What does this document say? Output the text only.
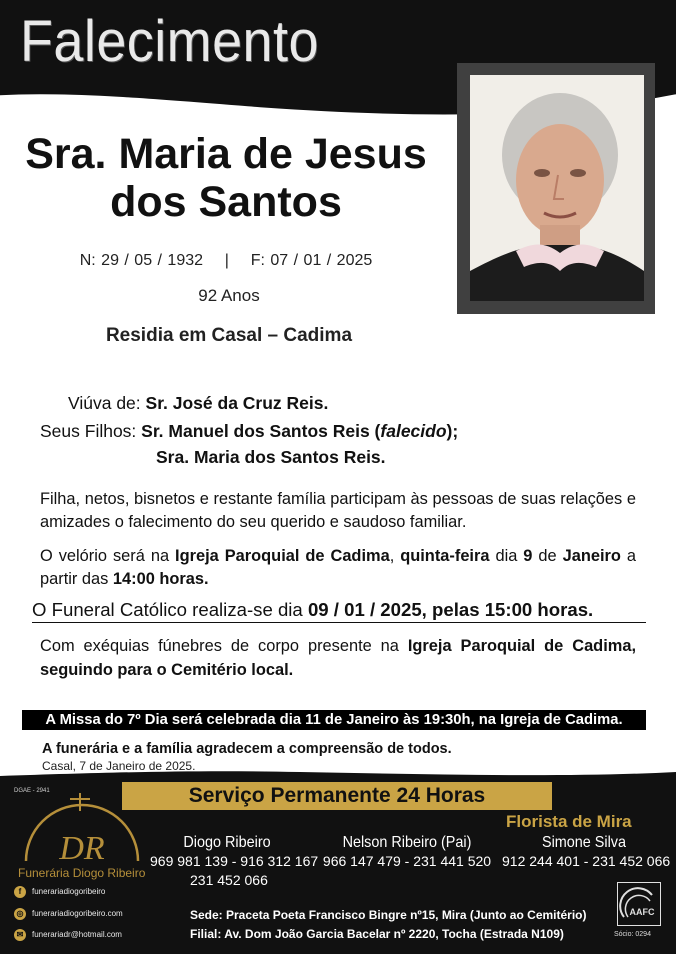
Falecimento
Sra. Maria de Jesus
dos Santos
N: 29 / 05 / 1932    |    F: 07 / 01 / 2025
92 Anos
Residia em Casal – Cadima
Viúva de: Sr. José da Cruz Reis.
Seus Filhos: Sr. Manuel dos Santos Reis (falecido);
Sra. Maria dos Santos Reis.
Filha, netos, bisnetos e restante família participam às pessoas de suas relações e amizades o falecimento do seu querido e saudoso familiar.
O velório será na Igreja Paroquial de Cadima, quinta-feira dia 9 de Janeiro a partir das 14:00 horas.
O Funeral Católico realiza-se dia 09 / 01 / 2025, pelas 15:00 horas.
Com exéquias fúnebres de corpo presente na Igreja Paroquial de Cadima, seguindo para o Cemitério local.
A Missa do 7º Dia será celebrada dia 11 de Janeiro às 19:30h, na Igreja de Cadima.
A funerária e a família agradecem a compreensão de todos.
Casal, 7 de Janeiro de 2025.
DGAE - 2941	Serviço Permanente 24 Horas
DR
Funerária Diogo Ribeiro
Florista de Mira
Diogo Ribeiro
969 981 139 - 916 312 167
231 452 066
Nelson Ribeiro (Pai)
966 147 479 - 231 441 520
Simone Silva
912 244 401 - 231 452 066
f funerariadiogoribeiro
◎ funerariadiogoribeiro.com
✉ funerariadr@hotmail.com
Sede: Praceta Poeta Francisco Bingre nº15, Mira (Junto ao Cemitério)
Filial: Av. Dom João Garcia Bacelar nº 2220, Tocha (Estrada N109)
AAFC
Sócio: 0294
